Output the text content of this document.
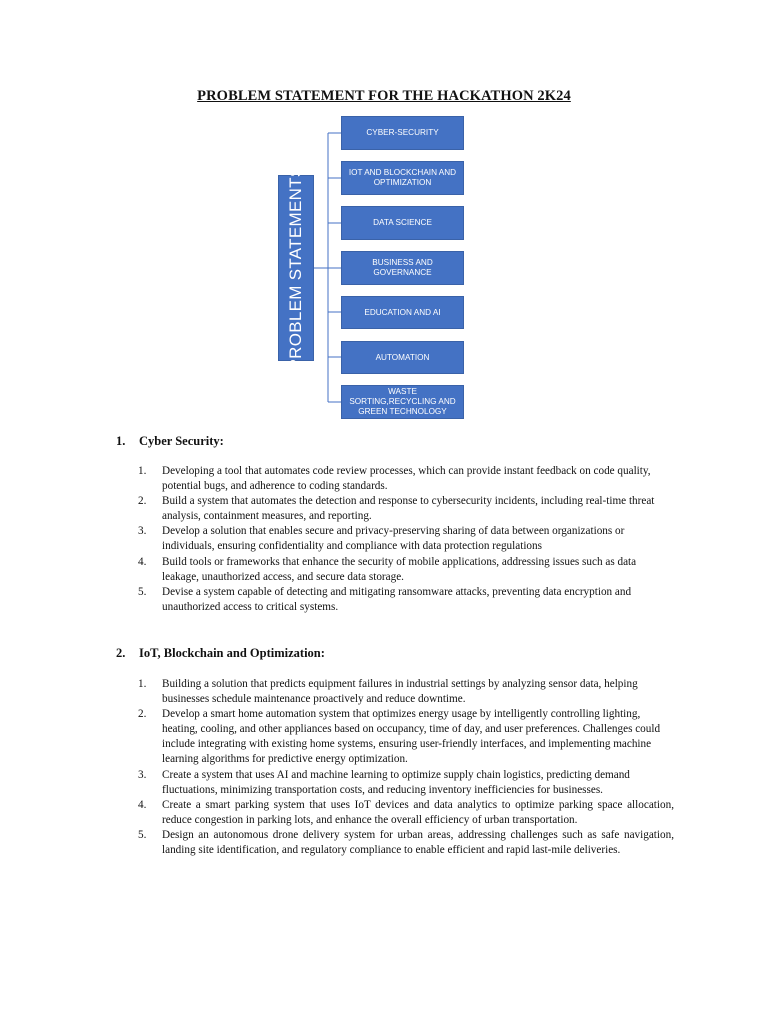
PROBLEM STATEMENT FOR THE HACKATHON 2K24
PROBLEM STATEMENTS
CYBER-SECURITY
IOT AND BLOCKCHAIN AND OPTIMIZATION
DATA SCIENCE
BUSINESS AND GOVERNANCE
EDUCATION AND AI
AUTOMATION
WASTE SORTING,RECYCLING AND GREEN TECHNOLOGY
1. Cyber Security:
1. Developing a tool that automates code review processes, which can provide instant feedback on code quality, potential bugs, and adherence to coding standards.
2. Build a system that automates the detection and response to cybersecurity incidents, including real-time threat analysis, containment measures, and reporting.
3. Develop a solution that enables secure and privacy-preserving sharing of data between organizations or individuals, ensuring confidentiality and compliance with data protection regulations
4. Build tools or frameworks that enhance the security of mobile applications, addressing issues such as data leakage, unauthorized access, and secure data storage.
5. Devise a system capable of detecting and mitigating ransomware attacks, preventing data encryption and unauthorized access to critical systems.
2. IoT, Blockchain and Optimization:
1. Building a solution that predicts equipment failures in industrial settings by analyzing sensor data, helping businesses schedule maintenance proactively and reduce downtime.
2. Develop a smart home automation system that optimizes energy usage by intelligently controlling lighting, heating, cooling, and other appliances based on occupancy, time of day, and user preferences. Challenges could include integrating with existing home systems, ensuring user-friendly interfaces, and implementing machine learning algorithms for predictive energy optimization.
3. Create a system that uses AI and machine learning to optimize supply chain logistics, predicting demand fluctuations, minimizing transportation costs, and reducing inventory inefficiencies for businesses.
4. Create a smart parking system that uses IoT devices and data analytics to optimize parking space allocation, reduce congestion in parking lots, and enhance the overall efficiency of urban transportation.
5. Design an autonomous drone delivery system for urban areas, addressing challenges such as safe navigation, landing site identification, and regulatory compliance to enable efficient and rapid last-mile deliveries.
